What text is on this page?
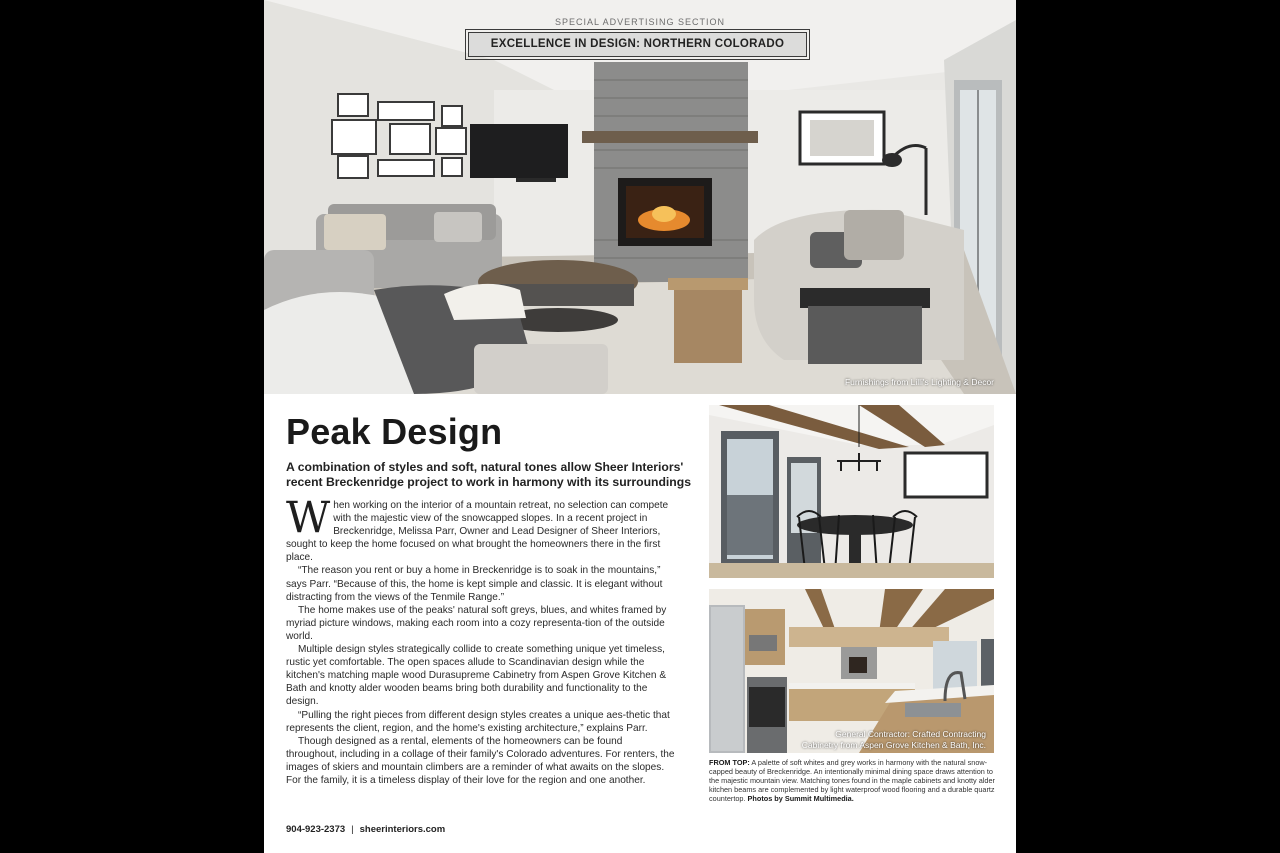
SPECIAL ADVERTISING SECTION
EXCELLENCE IN DESIGN: NORTHERN COLORADO
Furnishings from Lilli's Lighting & Decor
Peak Design
A combination of styles and soft, natural tones allow Sheer Interiors' recent Breckenridge project to work in harmony with its surroundings

When working on the interior of a mountain retreat, no selection can compete with the majestic view of the snowcapped slopes. In a recent project in Breckenridge, Melissa Parr, Owner and Lead Designer of Sheer Interiors, sought to keep the home focused on what brought the homeowners there in the first place.

“The reason you rent or buy a home in Breckenridge is to soak in the mountains,” says Parr. “Because of this, the home is kept simple and classic. It is elegant without distracting from the views of the Tenmile Range.”

The home makes use of the peaks' natural soft greys, blues, and whites framed by myriad picture windows, making each room into a cozy representa-tion of the outside world.

Multiple design styles strategically collide to create something unique yet timeless, rustic yet comfortable. The open spaces allude to Scandinavian design while the kitchen's matching maple wood Durasupreme Cabinetry from Aspen Grove Kitchen & Bath and knotty alder wooden beams bring both durability and functionality to the design.

“Pulling the right pieces from different design styles creates a unique aes-thetic that represents the client, region, and the home's existing architecture,” explains Parr.

Though designed as a rental, elements of the homeowners can be found throughout, including in a collage of their family's Colorado adventures. For renters, the images of skiers and mountain climbers are a reminder of what awaits on the slopes. For the family, it is a timeless display of their love for the region and one another.

904-923-2373 | sheerinteriors.com
General Contractor: Crafted Contracting
Cabinetry from Aspen Grove Kitchen & Bath, Inc.
FROM TOP: A palette of soft whites and grey works in harmony with the natural snow-capped beauty of Breckenridge. An intentionally minimal dining space draws attention to the majestic mountain view. Matching tones found in the maple cabinets and knotty alder kitchen beams are complemented by light waterproof wood flooring and a durable quartz countertop. Photos by Summit Multimedia.
